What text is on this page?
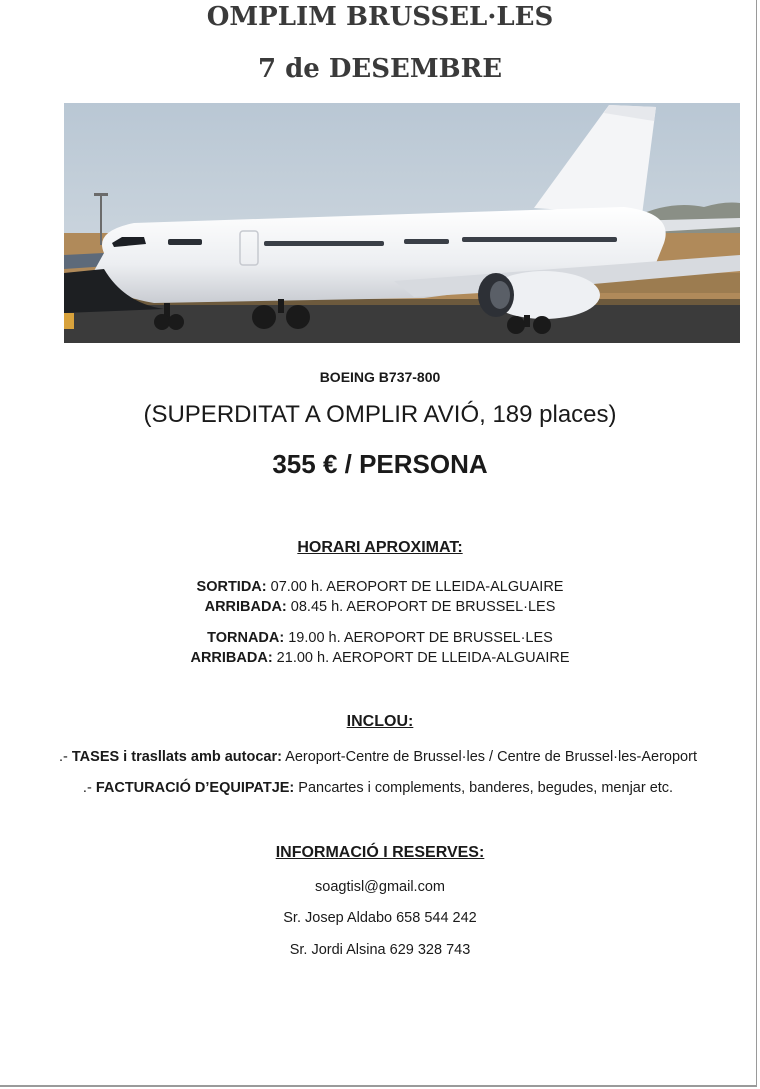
OMPLIM BRUSSEL·LES
7 de DESEMBRE
BOEING B737-800
(SUPERDITAT A OMPLIR AVIÓ, 189 places)
355 € / PERSONA
HORARI APROXIMAT:
SORTIDA: 07.00 h. AEROPORT DE LLEIDA-ALGUAIRE
ARRIBADA: 08.45 h. AEROPORT DE BRUSSEL·LES
TORNADA: 19.00 h. AEROPORT DE BRUSSEL·LES
ARRIBADA: 21.00 h. AEROPORT DE LLEIDA-ALGUAIRE
INCLOU:
.- TASES i trasllats amb autocar: Aeroport-Centre de Brussel·les / Centre de Brussel·les-Aeroport
.- FACTURACIÓ D’EQUIPATJE: Pancartes i complements, banderes, begudes, menjar etc.
INFORMACIÓ I RESERVES:
soagtisl@gmail.com
Sr. Josep Aldabo 658 544 242
Sr. Jordi Alsina 629 328 743
